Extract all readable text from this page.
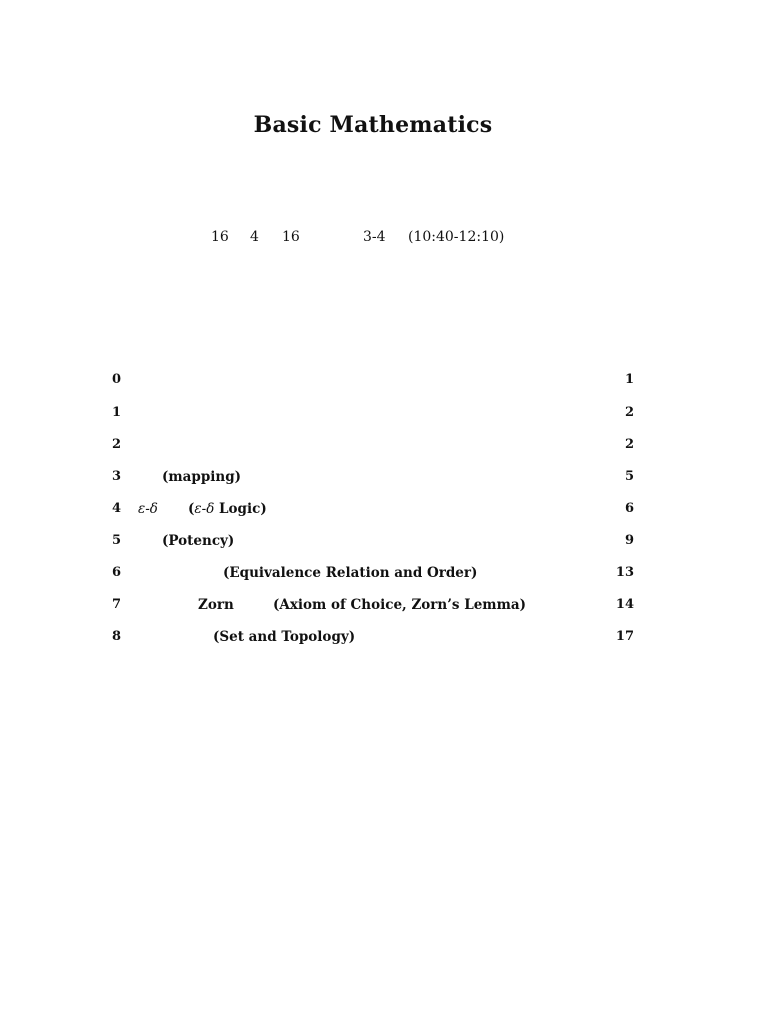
Basic Mathematics
16 4 16	3-4 (10:40-12:10)
0	1
1	2
2	2
3	(mapping)	5
4 ε-δ (ε-δ Logic)	6
5	(Potency)	9
6	(Equivalence Relation and Order)	13
7	Zorn	(Axiom of Choice, Zorn’s Lemma)	14
8	(Set and Topology)	17
